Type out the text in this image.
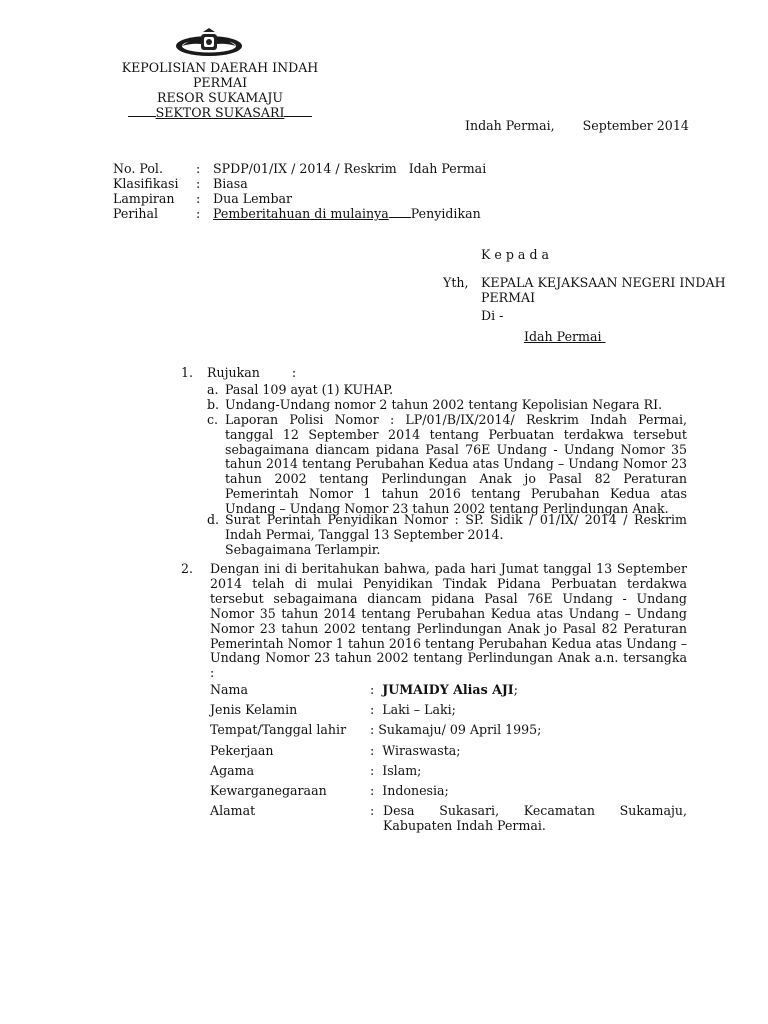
KEPOLISIAN DAERAH INDAH
PERMAI
RESOR SUKAMAJU
SEKTOR SUKASARI
Indah Permai,       September 2014
No. Pol.	:	SPDP/01/IX / 2014 / Reskrim   Idah Permai
Klasifikasi	:	Biasa
Lampiran	:	Dua Lembar
Perihal	:	Pemberitahuan di mulainya Penyidikan
K e p a d a
Yth, KEPALA KEJAKSAAN NEGERI INDAH
PERMAI
Di -
Idah Permai
1. Rujukan        :
a. Pasal 109 ayat (1) KUHAP.
b. Undang-Undang nomor 2 tahun 2002 tentang Kepolisian Negara RI.
c. Laporan Polisi Nomor : LP/01/B/IX/2014/ Reskrim Indah Permai, tanggal 12 September 2014 tentang Perbuatan terdakwa tersebut sebagaimana diancam pidana Pasal 76E Undang - Undang Nomor 35 tahun 2014 tentang Perubahan Kedua atas Undang – Undang Nomor 23 tahun 2002 tentang Perlindungan Anak jo Pasal 82 Peraturan Pemerintah Nomor 1 tahun 2016 tentang Perubahan Kedua atas Undang – Undang Nomor 23 tahun 2002 tentang Perlindungan Anak.
d. Surat Perintah Penyidikan Nomor : SP. Sidik / 01/IX/ 2014 / Reskrim Indah Permai, Tanggal 13 September 2014.
Sebagaimana Terlampir.
2. Dengan ini di beritahukan bahwa, pada hari Jumat tanggal 13 September 2014 telah di mulai Penyidikan Tindak Pidana Perbuatan terdakwa tersebut sebagaimana diancam pidana Pasal 76E Undang - Undang Nomor 35 tahun 2014 tentang Perubahan Kedua atas Undang – Undang Nomor 23 tahun 2002 tentang Perlindungan Anak jo Pasal 82 Peraturan Pemerintah Nomor 1 tahun 2016 tentang Perubahan Kedua atas Undang – Undang Nomor 23 tahun 2002 tentang Perlindungan Anak a.n. tersangka :
Nama	:  JUMAIDY Alias AJI;
Jenis Kelamin	:  Laki – Laki;
Tempat/Tanggal lahir : Sukamaju/ 09 April 1995;
Pekerjaan	:  Wiraswasta;
Agama	:  Islam;
Kewarganegaraan	:  Indonesia;
Alamat	: Desa Sukasari, Kecamatan Sukamaju, Kabupaten Indah Permai.
